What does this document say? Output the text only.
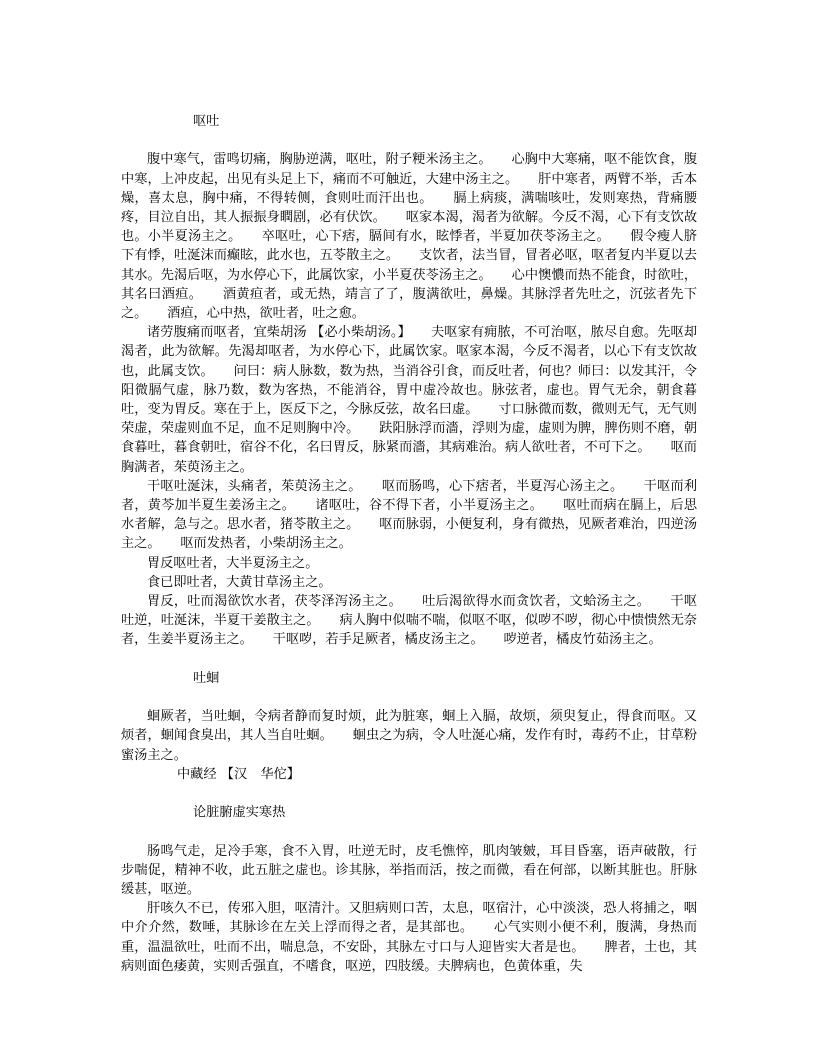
呕吐

腹中寒气，雷鸣切痛，胸胁逆满，呕吐，附子粳米汤主之。 心胸中大寒痛，呕不能饮食，腹中寒，上冲皮起，出见有头足上下，痛而不可触近，大建中汤主之。 肝中寒者，两臂不举，舌本燥，喜太息，胸中痛，不得转侧，食则吐而汗出也。 膈上病痰，满喘咳吐，发则寒热，背痛腰疼，目泣自出，其人振振身瞤剧，必有伏饮。 呕家本渴，渴者为欲解。今反不渴，心下有支饮故也。小半夏汤主之。 卒呕吐，心下痞，膈间有水，眩悸者，半夏加茯苓汤主之。 假令瘦人脐下有悸，吐涎沫而癫眩，此水也，五苓散主之。 支饮者，法当冒，冒者必呕，呕者复内半夏以去其水。先渴后呕，为水停心下，此属饮家，小半夏茯苓汤主之。 心中懊憹而热不能食，时欲吐，其名曰酒疸。 酒黄疸者，或无热，靖言了了，腹满欲吐，鼻燥。其脉浮者先吐之，沉弦者先下之。 酒疸，心中热，欲吐者，吐之愈。

诸劳腹痛而呕者，宜柴胡汤 【必小柴胡汤。】 夫呕家有痈脓，不可治呕，脓尽自愈。先呕却渴者，此为欲解。先渴却呕者，为水停心下，此属饮家。呕家本渴，今反不渴者，以心下有支饮故也，此属支饮。 问曰：病人脉数，数为热，当消谷引食，而反吐者，何也？师曰：以发其汗，令阳微膈气虚，脉乃数，数为客热，不能消谷，胃中虚冷故也。脉弦者，虚也。胃气无余，朝食暮吐，变为胃反。寒在于上，医反下之，今脉反弦，故名曰虚。 寸口脉微而数，微则无气，无气则荣虚，荣虚则血不足，血不足则胸中冷。 趺阳脉浮而濇，浮则为虚，虚则为脾，脾伤则不磨，朝食暮吐，暮食朝吐，宿谷不化，名曰胃反，脉紧而濇，其病难治。病人欲吐者，不可下之。 呕而胸满者，茱萸汤主之。

干呕吐涎沫，头痛者，茱萸汤主之。 呕而肠鸣，心下痞者，半夏泻心汤主之。 干呕而利者，黄芩加半夏生姜汤主之。 诸呕吐，谷不得下者，小半夏汤主之。 呕吐而病在膈上，后思水者解，急与之。思水者，猪苓散主之。 呕而脉弱，小便复利，身有微热，见厥者难治，四逆汤主之。 呕而发热者，小柴胡汤主之。

胃反呕吐者，大半夏汤主之。

食已即吐者，大黄甘草汤主之。

胃反，吐而渴欲饮水者，茯苓泽泻汤主之。 吐后渴欲得水而贪饮者，文蛤汤主之。 干呕吐逆，吐涎沫，半夏干姜散主之。 病人胸中似喘不喘，似呕不呕，似哕不哕，彻心中愦愦然无奈者，生姜半夏汤主之。 干呕哕，若手足厥者，橘皮汤主之。 哕逆者，橘皮竹茹汤主之。

吐蛔

蛔厥者，当吐蛔，令病者静而复时烦，此为脏寒，蛔上入膈，故烦，须臾复止，得食而呕。又烦者，蛔闻食臭出，其人当自吐蛔。 蛔虫之为病，令人吐涎心痛，发作有时，毒药不止，甘草粉蜜汤主之。

中藏经 【汉　华佗】

论脏腑虚实寒热

肠鸣气走，足冷手寒，食不入胃，吐逆无时，皮毛憔悴，肌肉皱皴，耳目昏塞，语声破散，行步喘促，精神不收，此五脏之虚也。诊其脉，举指而活，按之而微，看在何部，以断其脏也。肝脉缓甚，呕逆。

肝咳久不已，传邪入胆，呕清汁。又胆病则口苦，太息，呕宿汁，心中淡淡，恐人将捕之，咽中介介然，数唾，其脉诊在左关上浮而得之者，是其部也。 心气实则小便不利，腹满，身热而重，温温欲吐，吐而不出，喘息急，不安卧，其脉左寸口与人迎皆实大者是也。 脾者，土也，其病则面色痿黄，实则舌强直，不嗜食，呕逆，四肢缓。夫脾病也，色黄体重，失
